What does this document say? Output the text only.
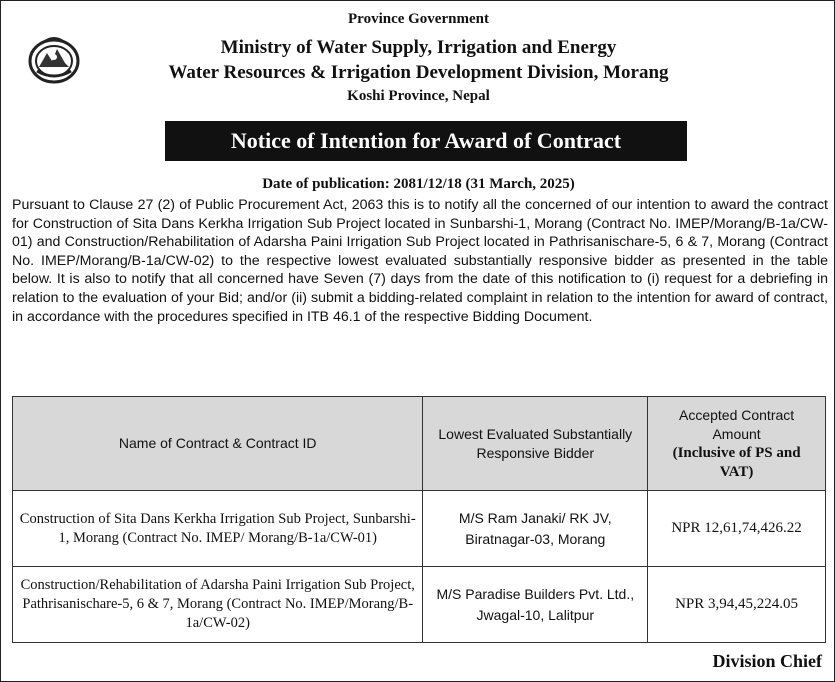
Province Government
Ministry of Water Supply, Irrigation and Energy
Water Resources & Irrigation Development Division, Morang
Koshi Province, Nepal
Notice of Intention for Award of Contract
Date of publication: 2081/12/18 (31 March, 2025)
Pursuant to Clause 27 (2) of Public Procurement Act, 2063 this is to notify all the concerned of our intention to award the contract for Construction of Sita Dans Kerkha Irrigation Sub Project located in Sunbarshi-1, Morang (Contract No. IMEP/Morang/B-1a/CW-01) and Construction/Rehabilitation of Adarsha Paini Irrigation Sub Project located in Pathrisanischare-5, 6 & 7, Morang (Contract No. IMEP/Morang/B-1a/CW-02) to the respective lowest evaluated substantially responsive bidder as presented in the table below. It is also to notify that all concerned have Seven (7) days from the date of this notification to (i) request for a debriefing in relation to the evaluation of your Bid; and/or (ii) submit a bidding-related complaint in relation to the intention for award of contract, in accordance with the procedures specified in ITB 46.1 of the respective Bidding Document.
Name of Contract & Contract ID	Lowest Evaluated Substantially Responsive Bidder	Accepted Contract Amount
(Inclusive of PS and VAT)

Construction of Sita Dans Kerkha Irrigation Sub Project, Sunbarshi-1, Morang (Contract No. IMEP/ Morang/B-1a/CW-01)	M/S Ram Janaki/ RK JV, Biratnagar-03, Morang	NPR 12,61,74,426.22
Construction/Rehabilitation of Adarsha Paini Irrigation Sub Project, Pathrisanischare-5, 6 & 7, Morang (Contract No. IMEP/Morang/B-1a/CW-02)	M/S Paradise Builders Pvt. Ltd., Jwagal-10, Lalitpur	NPR 3,94,45,224.05
Division Chief
